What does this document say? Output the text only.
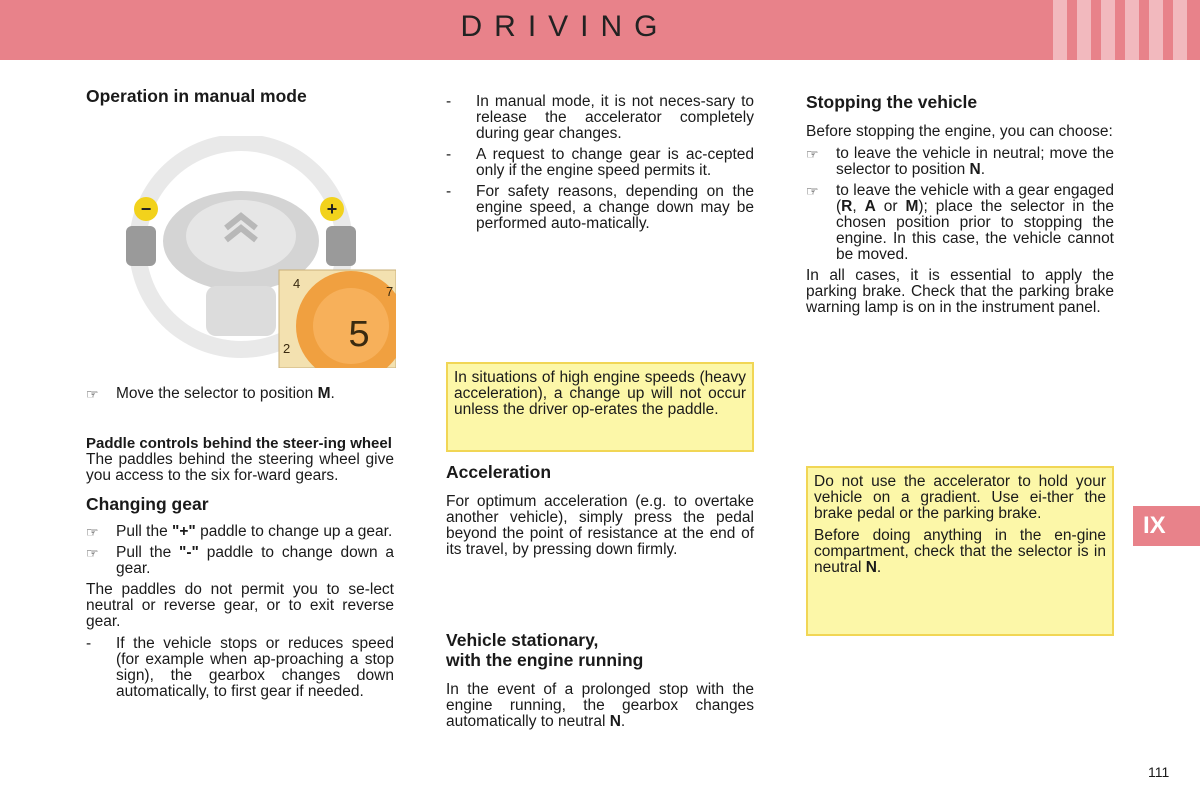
DRIVING
Operation in manual mode
−	+
5
4
7
2
☞	Move the selector to position M.
Paddle controls behind the steer-ing wheel

The paddles behind the steering wheel give you access to the six for-ward gears.

Changing gear
☞	Pull the "+" paddle to change up a gear.
☞	Pull the "-" paddle to change down a gear.

The paddles do not permit you to se-lect neutral or reverse gear, or to exit reverse gear.

-	If the vehicle stops or reduces speed (for example when ap-proaching a stop sign), the gearbox changes down automatically, to first gear if needed.
-	In manual mode, it is not neces-sary to release the accelerator completely during gear changes.
-	A request to change gear is ac-cepted only if the engine speed permits it.
-	For safety reasons, depending on the engine speed, a change down may be performed auto-matically.

In situations of high engine speeds (heavy acceleration), a change up will not occur unless the driver op-erates the paddle.

Acceleration

For optimum acceleration (e.g. to overtake another vehicle), simply press the pedal beyond the point of resistance at the end of its travel, by pressing down firmly.

Vehicle stationary,
with the engine running

In the event of a prolonged stop with the engine running, the gearbox changes automatically to neutral N.

Stopping the vehicle

Before stopping the engine, you can choose:

☞	to leave the vehicle in neutral; move the selector to position N.
☞	to leave the vehicle with a gear engaged (R, A or M); place the selector in the chosen position prior to stopping the engine. In this case, the vehicle cannot be moved.

In all cases, it is essential to apply the parking brake. Check that the parking brake warning lamp is on in the instrument panel.

Do not use the accelerator to hold your vehicle on a gradient. Use ei-ther the brake pedal or the parking brake.

Before doing anything in the en-gine compartment, check that the selector is in neutral N.

IX
111
